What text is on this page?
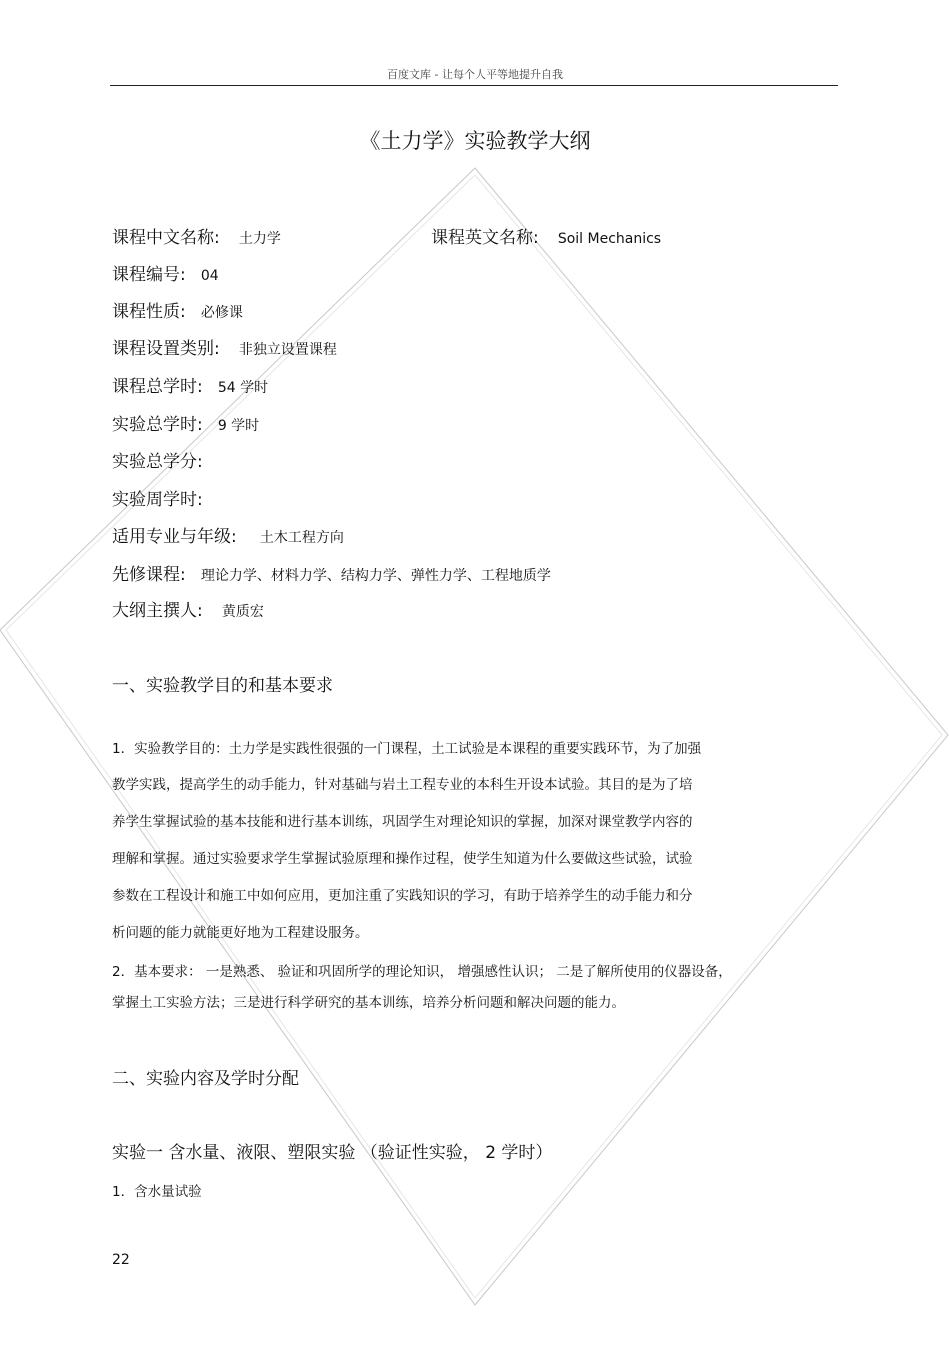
百度文库 - 让每个人平等地提升自我
《土力学》实验教学大纲
课程中文名称: 土力学	课程英文名称: Soil Mechanics
课程编号: 04
课程性质: 必修课
课程设置类别: 非独立设置课程
课程总学时: 54 学时
实验总学时: 9 学时
实验总学分:
实验周学时:
适用专业与年级: 土木工程方向
先修课程: 理论力学、材料力学、结构力学、弹性力学、工程地质学
大纲主撰人: 黄质宏
一、实验教学目的和基本要求
1．实验教学目的：土力学是实践性很强的一门课程，土工试验是本课程的重要实践环节，为了加强
教学实践，提高学生的动手能力，针对基础与岩土工程专业的本科生开设本试验。其目的是为了培
养学生掌握试验的基本技能和进行基本训练，巩固学生对理论知识的掌握，加深对课堂教学内容的
理解和掌握。通过实验要求学生掌握试验原理和操作过程，使学生知道为什么要做这些试验，试验
参数在工程设计和施工中如何应用，更加注重了实践知识的学习，有助于培养学生的动手能力和分
析问题的能力就能更好地为工程建设服务。
2．基本要求： 一是熟悉、 验证和巩固所学的理论知识， 增强感性认识； 二是了解所使用的仪器设备，
掌握土工实验方法；三是进行科学研究的基本训练，培养分析问题和解决问题的能力。
二、实验内容及学时分配
实验一 含水量、液限、塑限实验 （验证性实验， 2 学时）
1．含水量试验
22
